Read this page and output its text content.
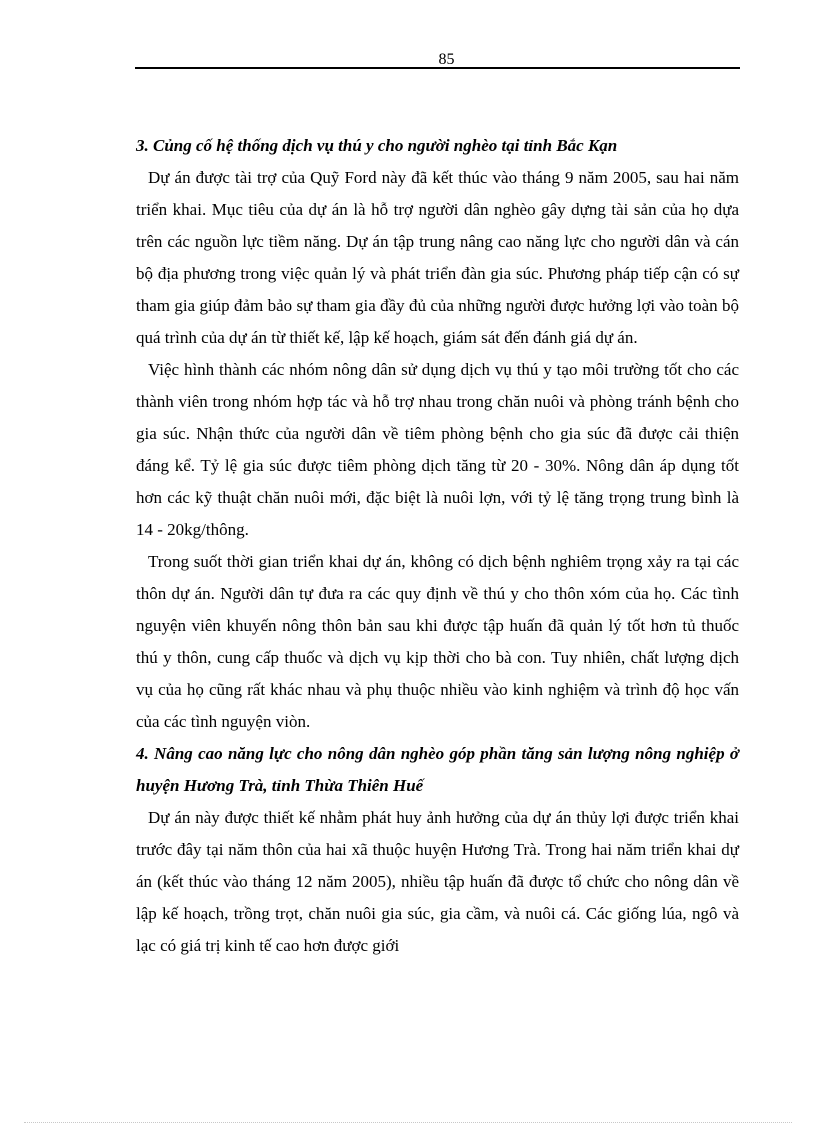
85
3. Củng cố hệ thống dịch vụ thú y cho người nghèo tại tỉnh Bắc Kạn

Dự án được tài trợ của Quỹ Ford này đã kết thúc vào tháng 9 năm 2005, sau hai năm triển khai. Mục tiêu của dự án là hỗ trợ người dân nghèo gây dựng tài sản của họ dựa trên các nguồn lực tiềm năng. Dự án tập trung nâng cao năng lực cho người dân và cán bộ địa phương trong việc quản lý và phát triển đàn gia súc. Phương pháp tiếp cận có sự tham gia giúp đảm bảo sự tham gia đầy đủ của những người được hưởng lợi vào toàn bộ quá trình của dự án từ thiết kế, lập kế hoạch, giám sát đến đánh giá dự án.

Việc hình thành các nhóm nông dân sử dụng dịch vụ thú y tạo môi trường tốt cho các thành viên trong nhóm hợp tác và hỗ trợ nhau trong chăn nuôi và phòng tránh bệnh cho gia súc. Nhận thức của người dân về tiêm phòng bệnh cho gia súc đã được cải thiện đáng kể. Tỷ lệ gia súc được tiêm phòng dịch tăng từ 20 - 30%. Nông dân áp dụng tốt hơn các kỹ thuật chăn nuôi mới, đặc biệt là nuôi lợn, với tỷ lệ tăng trọng trung bình là 14 - 20kg/thông.

Trong suốt thời gian triển khai dự án, không có dịch bệnh nghiêm trọng xảy ra tại các thôn dự án. Người dân tự đưa ra các quy định về thú y cho thôn xóm của họ. Các tình nguyện viên khuyến nông thôn bản sau khi được tập huấn đã quản lý tốt hơn tủ thuốc thú y thôn, cung cấp thuốc và dịch vụ kịp thời cho bà con. Tuy nhiên, chất lượng dịch vụ của họ cũng rất khác nhau và phụ thuộc nhiều vào kinh nghiệm và trình độ học vấn của các tình nguyện viòn.

4. Nâng cao năng lực cho nông dân nghèo góp phần tăng sản lượng nông nghiệp ở huyện Hương Trà, tỉnh Thừa Thiên Huế

Dự án này được thiết kế nhằm phát huy ảnh hưởng của dự án thủy lợi được triển khai trước đây tại năm thôn của hai xã thuộc huyện Hương Trà. Trong hai năm triển khai dự án (kết thúc vào tháng 12 năm 2005), nhiều tập huấn đã được tổ chức cho nông dân về lập kế hoạch, trồng trọt, chăn nuôi gia súc, gia cầm, và nuôi cá. Các giống lúa, ngô và lạc có giá trị kinh tế cao hơn được giới
